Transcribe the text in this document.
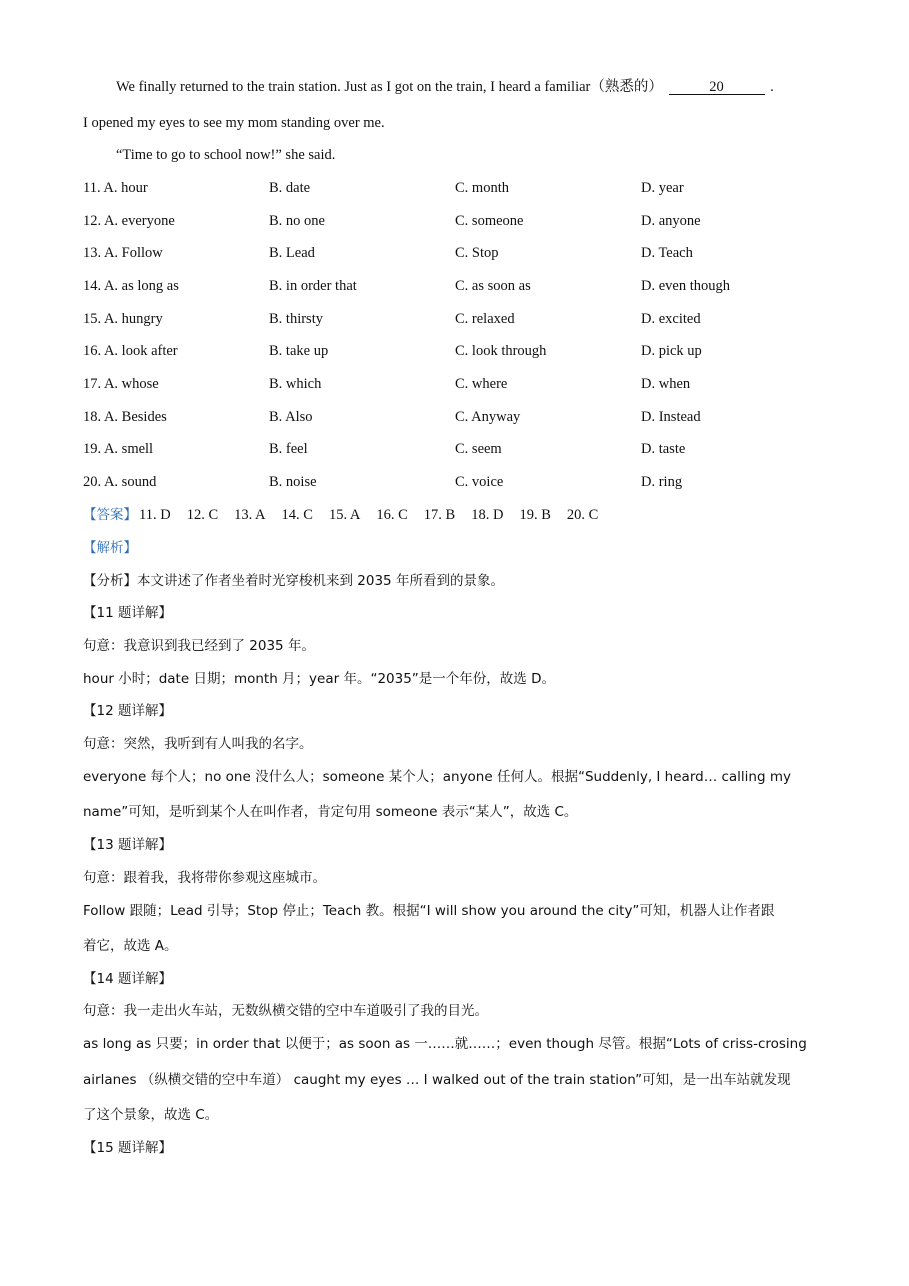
We finally returned to the train station. Just as I got on the train, I heard a familiar（熟悉的）	20	.
I opened my eyes to see my mom standing over me.
“Time to go to school now!” she said.
11. A. hour	B. date	C. month	D. year
12. A. everyone	B. no one	C. someone	D. anyone
13. A. Follow	B. Lead	C. Stop	D. Teach
14. A. as long as	B. in order that	C. as soon as	D. even though
15. A. hungry	B. thirsty	C. relaxed	D. excited
16. A. look after	B. take up	C. look through	D. pick up
17. A. whose	B. which	C. where	D. when
18. A. Besides	B. Also	C. Anyway	D. Instead
19. A. smell	B. feel	C. seem	D. taste
20. A. sound	B. noise	C. voice	D. ring
【答案】 11. D 12. C 13. A 14. C 15. A 16. C 17. B 18. D 19. B 20. C
【解析】
【分析】本文讲述了作者坐着时光穿梭机来到 2035 年所看到的景象。
【11 题详解】
句意：我意识到我已经到了 2035 年。
hour 小时；date 日期；month 月；year 年。“2035”是一个年份，故选 D。
【12 题详解】
句意：突然，我听到有人叫我的名字。
everyone 每个人；no one 没什么人；someone 某个人；anyone 任何人。根据“Suddenly, I heard… calling my
name”可知，是听到某个人在叫作者，肯定句用 someone 表示“某人”，故选 C。
【13 题详解】
句意：跟着我，我将带你参观这座城市。
Follow 跟随；Lead 引导；Stop 停止；Teach 教。根据“I will show you around the city”可知，机器人让作者跟
着它，故选 A。
【14 题详解】
句意：我一走出火车站，无数纵横交错的空中车道吸引了我的目光。
as long as 只要；in order that 以便于；as soon as 一……就……；even though 尽管。根据“Lots of criss-crosing
airlanes （纵横交错的空中车道） caught my eyes … I walked out of the train station”可知，是一出车站就发现
了这个景象，故选 C。
【15 题详解】
